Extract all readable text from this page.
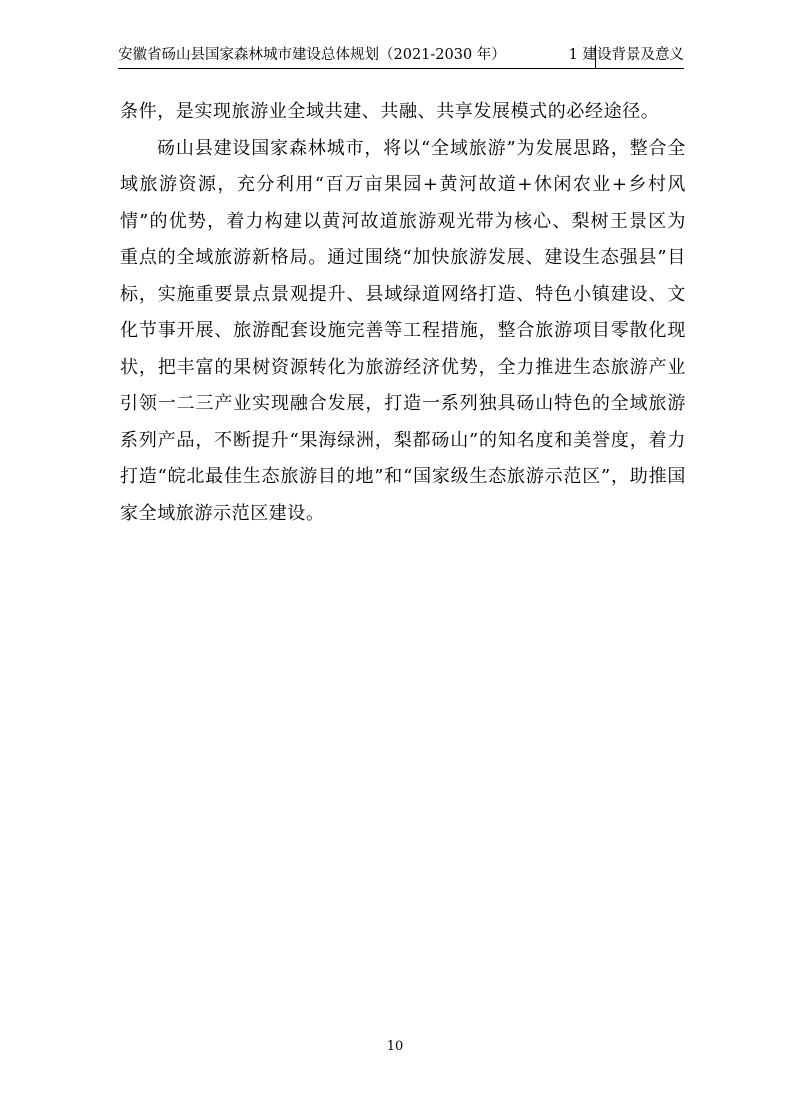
安徽省砀山县国家森林城市建设总体规划（2021-2030 年）	1 建设背景及意义

条件，是实现旅游业全域共建、共融、共享发展模式的必经途径。

砀山县建设国家森林城市，将以“全域旅游”为发展思路，整合全域旅游资源，充分利用“百万亩果园+黄河故道+休闲农业+乡村风情”的优势，着力构建以黄河故道旅游观光带为核心、梨树王景区为重点的全域旅游新格局。通过围绕“加快旅游发展、建设生态强县”目标，实施重要景点景观提升、县域绿道网络打造、特色小镇建设、文化节事开展、旅游配套设施完善等工程措施，整合旅游项目零散化现状，把丰富的果树资源转化为旅游经济优势，全力推进生态旅游产业引领一二三产业实现融合发展，打造一系列独具砀山特色的全域旅游系列产品，不断提升“果海绿洲，梨都砀山”的知名度和美誉度，着力打造“皖北最佳生态旅游目的地”和“国家级生态旅游示范区”，助推国家全域旅游示范区建设。

10
